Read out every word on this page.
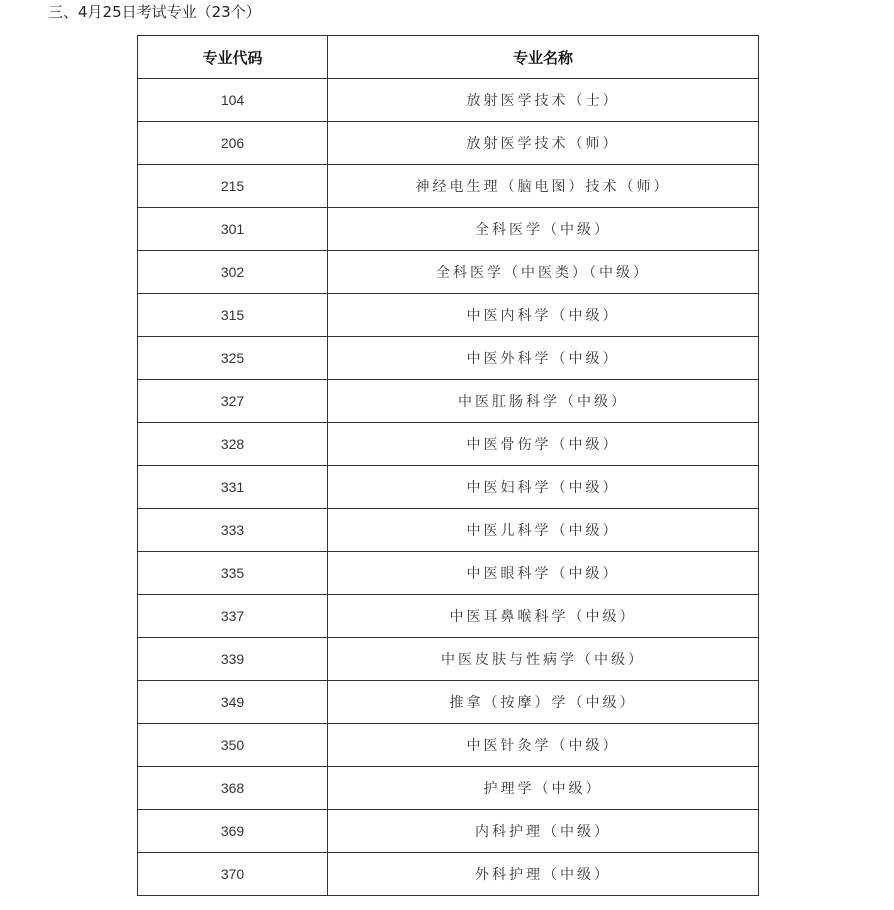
三、4月25日考试专业（23个）
专业代码	专业名称
104	放射医学技术（士）
206	放射医学技术（师）
215	神经电生理（脑电图）技术（师）
301	全科医学（中级）
302	全科医学（中医类）（中级）
315	中医内科学（中级）
325	中医外科学（中级）
327	中医肛肠科学（中级）
328	中医骨伤学（中级）
331	中医妇科学（中级）
333	中医儿科学（中级）
335	中医眼科学（中级）
337	中医耳鼻喉科学（中级）
339	中医皮肤与性病学（中级）
349	推拿（按摩）学（中级）
350	中医针灸学（中级）
368	护理学（中级）
369	内科护理（中级）
370	外科护理（中级）
